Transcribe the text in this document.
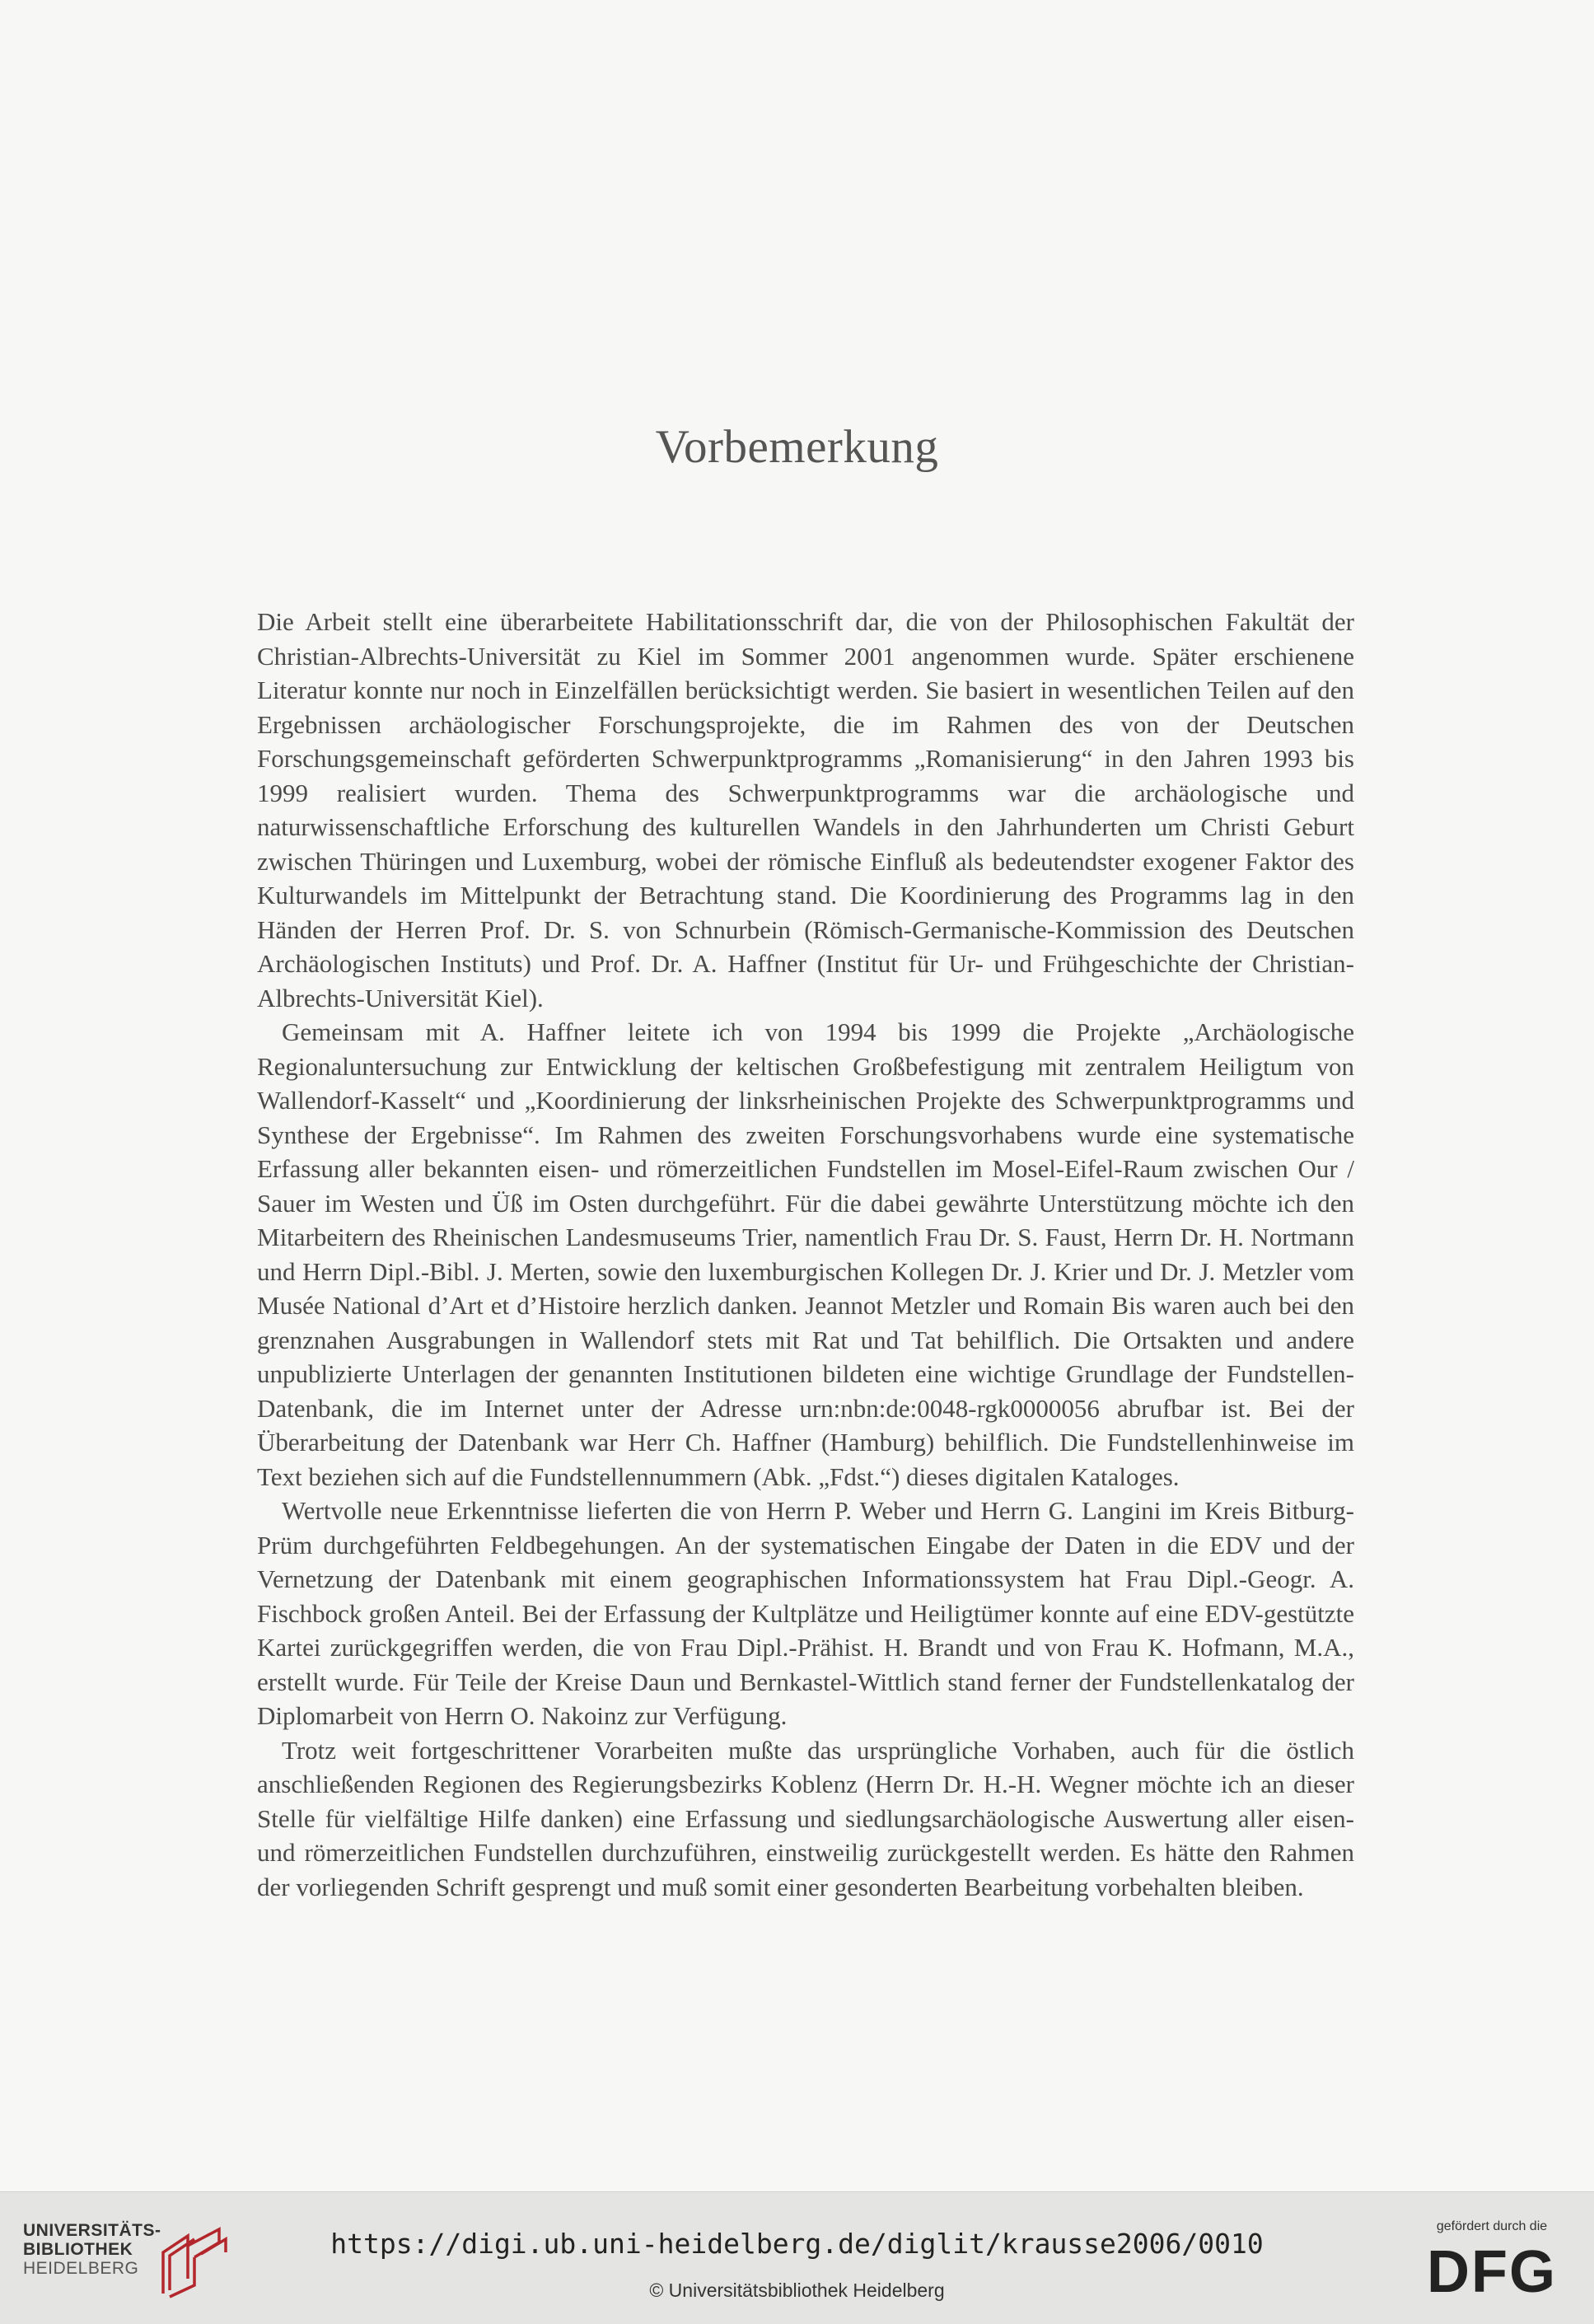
Vorbemerkung

Die Arbeit stellt eine überarbeitete Habilitationsschrift dar, die von der Philosophischen Fakultät der Christian-Albrechts-Universität zu Kiel im Sommer 2001 angenommen wurde. Später erschienene Literatur konnte nur noch in Einzelfällen berücksichtigt werden. Sie basiert in wesentlichen Teilen auf den Ergebnissen archäologischer Forschungsprojekte, die im Rahmen des von der Deutschen Forschungsgemeinschaft geförderten Schwerpunktprogramms „Romanisierung“ in den Jahren 1993 bis 1999 realisiert wurden. Thema des Schwerpunktprogramms war die archäologische und naturwissenschaftliche Erforschung des kulturellen Wandels in den Jahrhunderten um Christi Geburt zwischen Thüringen und Luxemburg, wobei der römische Einfluß als bedeutendster exogener Faktor des Kulturwandels im Mittelpunkt der Betrachtung stand. Die Koordinierung des Programms lag in den Händen der Herren Prof. Dr. S. von Schnurbein (Römisch-Germanische-Kommission des Deutschen Archäologischen Instituts) und Prof. Dr. A. Haffner (Institut für Ur- und Frühgeschichte der Christian-Albrechts-Universität Kiel).

Gemeinsam mit A. Haffner leitete ich von 1994 bis 1999 die Projekte „Archäologische Regionaluntersuchung zur Entwicklung der keltischen Großbefestigung mit zentralem Heiligtum von Wallendorf-Kasselt“ und „Koordinierung der linksrheinischen Projekte des Schwerpunktprogramms und Synthese der Ergebnisse“. Im Rahmen des zweiten Forschungsvorhabens wurde eine systematische Erfassung aller bekannten eisen- und römerzeitlichen Fundstellen im Mosel-Eifel-Raum zwischen Our / Sauer im Westen und Üß im Osten durchgeführt. Für die dabei gewährte Unterstützung möchte ich den Mitarbeitern des Rheinischen Landesmuseums Trier, namentlich Frau Dr. S. Faust, Herrn Dr. H. Nortmann und Herrn Dipl.-Bibl. J. Merten, sowie den luxemburgischen Kollegen Dr. J. Krier und Dr. J. Metzler vom Musée National d’Art et d’Histoire herzlich danken. Jeannot Metzler und Romain Bis waren auch bei den grenznahen Ausgrabungen in Wallendorf stets mit Rat und Tat behilflich. Die Ortsakten und andere unpublizierte Unterlagen der genannten Institutionen bildeten eine wichtige Grundlage der Fundstellen-Datenbank, die im Internet unter der Adresse urn:nbn:de:0048-rgk0000056 abrufbar ist. Bei der Überarbeitung der Datenbank war Herr Ch. Haffner (Hamburg) behilflich. Die Fundstellenhinweise im Text beziehen sich auf die Fundstellennummern (Abk. „Fdst.“) dieses digitalen Kataloges.

Wertvolle neue Erkenntnisse lieferten die von Herrn P. Weber und Herrn G. Langini im Kreis Bitburg-Prüm durchgeführten Feldbegehungen. An der systematischen Eingabe der Daten in die EDV und der Vernetzung der Datenbank mit einem geographischen Informationssystem hat Frau Dipl.-Geogr. A. Fischbock großen Anteil. Bei der Erfassung der Kultplätze und Heiligtümer konnte auf eine EDV-gestützte Kartei zurückgegriffen werden, die von Frau Dipl.-Prähist. H. Brandt und von Frau K. Hofmann, M.A., erstellt wurde. Für Teile der Kreise Daun und Bernkastel-Wittlich stand ferner der Fundstellenkatalog der Diplomarbeit von Herrn O. Nakoinz zur Verfügung.

Trotz weit fortgeschrittener Vorarbeiten mußte das ursprüngliche Vorhaben, auch für die östlich anschließenden Regionen des Regierungsbezirks Koblenz (Herrn Dr. H.-H. Wegner möchte ich an dieser Stelle für vielfältige Hilfe danken) eine Erfassung und siedlungsarchäologische Auswertung aller eisen- und römerzeitlichen Fundstellen durchzuführen, einstweilig zurückgestellt werden. Es hätte den Rahmen der vorliegenden Schrift gesprengt und muß somit einer gesonderten Bearbeitung vorbehalten bleiben.

UNIVERSITÄTS-
BIBLIOTHEK
HEIDELBERG
https://digi.ub.uni-heidelberg.de/diglit/krausse2006/0010
© Universitätsbibliothek Heidelberg
gefördert durch die
DFG
